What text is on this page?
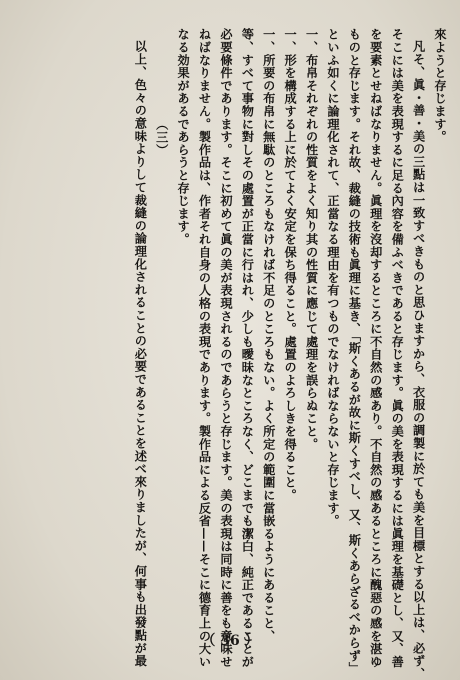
來ようと存じます。
凡そ、眞・善・美の三點は一致すべきものと思ひますから、衣服の調製に於ても美を目標とする以上は、必ず、
そこには美を表現するに足る內容を備ふべきであると存じます。眞の美を表現するには眞理を基礎とし、又、善
を要素とせねばなりません。眞理を沒却するところに不自然の感あり。不自然の感あるところに醜惡の感を湛ゆ
ものと存じます。それ故、裁縫の技術も眞理に基き、「斯くあるが故に斯くすべし、又、斯くあらざるべからず」
といふ如くに論理化されて、正當なる理由を有つものでなければならないと存じます。
一、布帛それぞれの性質をよく知り其の性質に應じて處理を誤らぬこと。
一、形を構成する上に於てよく安定を保ち得ること。處置のよろしきを得ること。
一、所要の布帛に無駄のところもなければ不足のところもない。よく所定の範圍に當嵌るようにあること、
等、すべて事物に對しその處置が正當に行はれ、少しも曖昧なところなく、どこまでも潔白、純正であることが
必要條件であります。そこに初めて眞の美が表現されるのであらうと存じます。美の表現は同時に善をも意味せ
ねばなりません。製作品は、作者それ自身の人格の表現であります。製作品による反省——そこに德育上の大い
なる効果があるであらうと存じます。
（三）
以上、色々の意味よりして裁縫の論理化されることの必要であることを述べ來りましたが、何事も出發點が最	（ 36 ）
